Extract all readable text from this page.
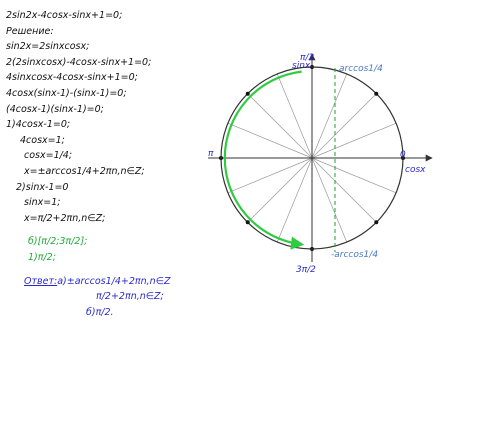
2sin2x-4cosx-sinx+1=0;
Решение:
sin2x=2sinxcosx;
2(2sinxcosx)-4cosx-sinx+1=0;
4sinxcosx-4cosx-sinx+1=0;
4cosx(sinx-1)-(sinx-1)=0;
(4cosx-1)(sinx-1)=0;
1)4cosx-1=0;
4cosx=1;
cosx=1/4;
x=±arccos1/4+2πn,n∈Z;
2)sinx-1=0
sinx=1;
x=π/2+2πn,n∈Z;
б)[π/2;3π/2];
1)π/2;
Ответ:а)±arccos1/4+2πn,n∈Z
π/2+2πn,n∈Z;
б)π/2.
π/2
sinx	arccos1/4
π	0
cosx
-arccos1/4
3π/2
